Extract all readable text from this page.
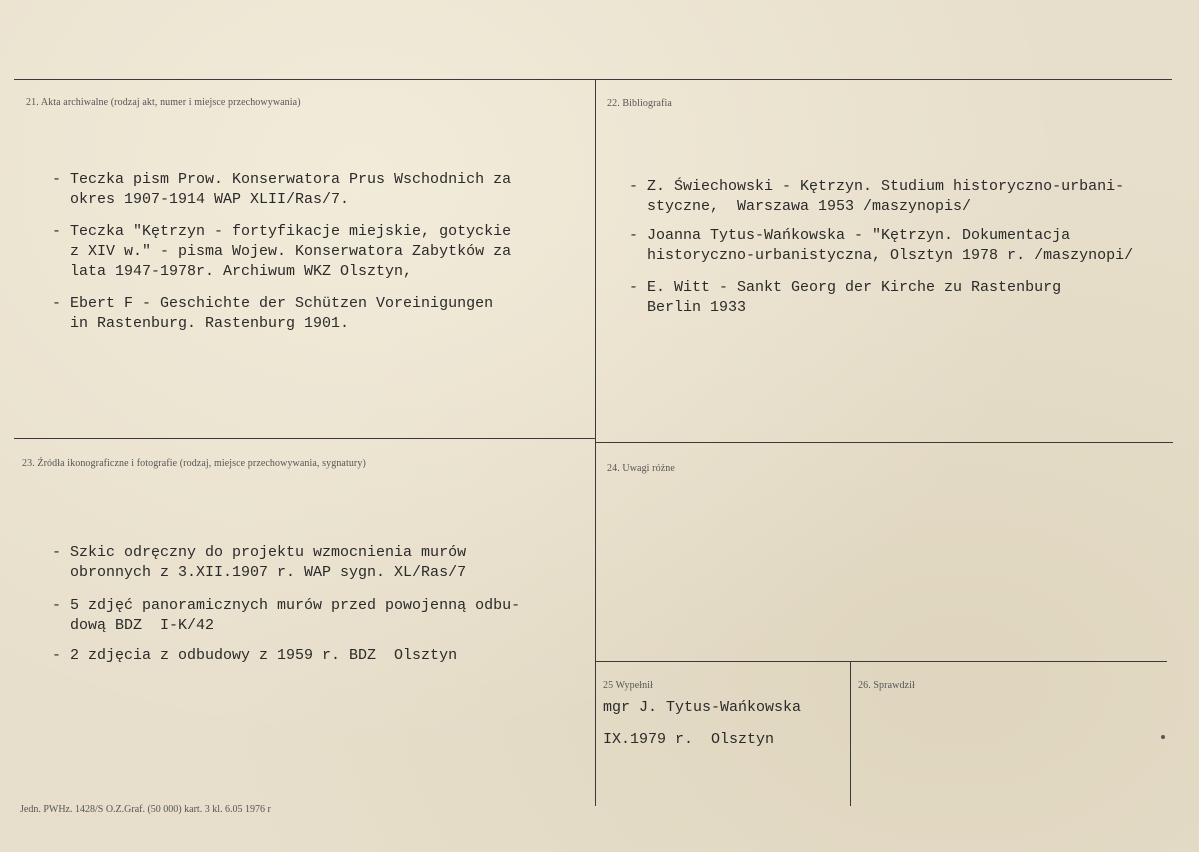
21. Akta archiwalne (rodzaj akt, numer i miejsce przechowywania)

- Teczka pism Prow. Konserwatora Prus Wschodnich za
okres 1907-1914 WAP XLII/Ras/7.

- Teczka "Kętrzyn - fortyfikacje miejskie, gotyckie
z XIV w." - pisma Wojew. Konserwatora Zabytków za
lata 1947-1978r. Archiwum WKZ Olsztyn,

- Ebert F - Geschichte der Schützen Voreinigungen
in Rastenburg. Rastenburg 1901.

22. Bibliografia

- Z. Świechowski - Kętrzyn. Studium historyczno-urbani-
styczne,  Warszawa 1953 /maszynopis/

- Joanna Tytus-Wańkowska - "Kętrzyn. Dokumentacja
historyczno-urbanistyczna, Olsztyn 1978 r. /maszynopi/

- E. Witt - Sankt Georg der Kirche zu Rastenburg
Berlin 1933

23. Źródła ikonograficzne i fotografie (rodzaj, miejsce przechowywania, sygnatury)

- Szkic odręczny do projektu wzmocnienia murów
obronnych z 3.XII.1907 r. WAP sygn. XL/Ras/7

- 5 zdjęć panoramicznych murów przed powojenną odbu-
dową BDZ  I-K/42

- 2 zdjęcia z odbudowy z 1959 r. BDZ  Olsztyn

24. Uwagi różne
25 Wypełnił
mgr J. Tytus-Wańkowska
IX.1979 r.  Olsztyn
26. Sprawdził
Jedn. PWHz. 1428/S O.Z.Graf. (50 000) kart. 3 kl. 6.05 1976 r
